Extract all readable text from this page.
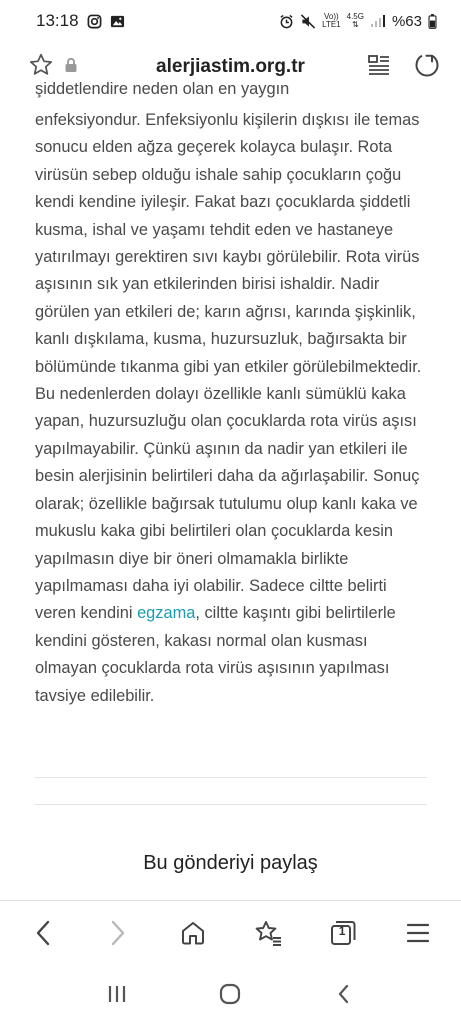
13:18	Vo))
LTE1
4.5G
⇅ %63
alerjiastim.org.tr
şiddetlendire neden olan en yaygın

enfeksiyondur. Enfeksiyonlu kişilerin dışkısı ile temas sonucu elden ağza geçerek kolayca bulaşır. Rota virüsün sebep olduğu ishale sahip çocukların çoğu kendi kendine iyileşir. Fakat bazı çocuklarda şiddetli kusma, ishal ve yaşamı tehdit eden ve hastaneye yatırılmayı gerektiren sıvı kaybı görülebilir. Rota virüs aşısının sık yan etkilerinden birisi ishaldir. Nadir görülen yan etkileri de; karın ağrısı, karında şişkinlik, kanlı dışkılama, kusma, huzursuzluk, bağırsakta bir bölümünde tıkanma gibi yan etkiler görülebilmektedir. Bu nedenlerden dolayı özellikle kanlı sümüklü kaka yapan, huzursuzluğu olan çocuklarda rota virüs aşısı yapılmayabilir. Çünkü aşının da nadir yan etkileri ile besin alerjisinin belirtileri daha da ağırlaşabilir. Sonuç olarak; özellikle bağırsak tutulumu olup kanlı kaka ve mukuslu kaka gibi belirtileri olan çocuklarda kesin yapılmasın diye bir öneri olmamakla birlikte yapılmaması daha iyi olabilir. Sadece ciltte belirti veren kendini egzama, ciltte kaşıntı gibi belirtilerle kendini gösteren, kakası normal olan kusması olmayan çocuklarda rota virüs aşısının yapılması tavsiye edilebilir.

Bu gönderiyi paylaş
1
